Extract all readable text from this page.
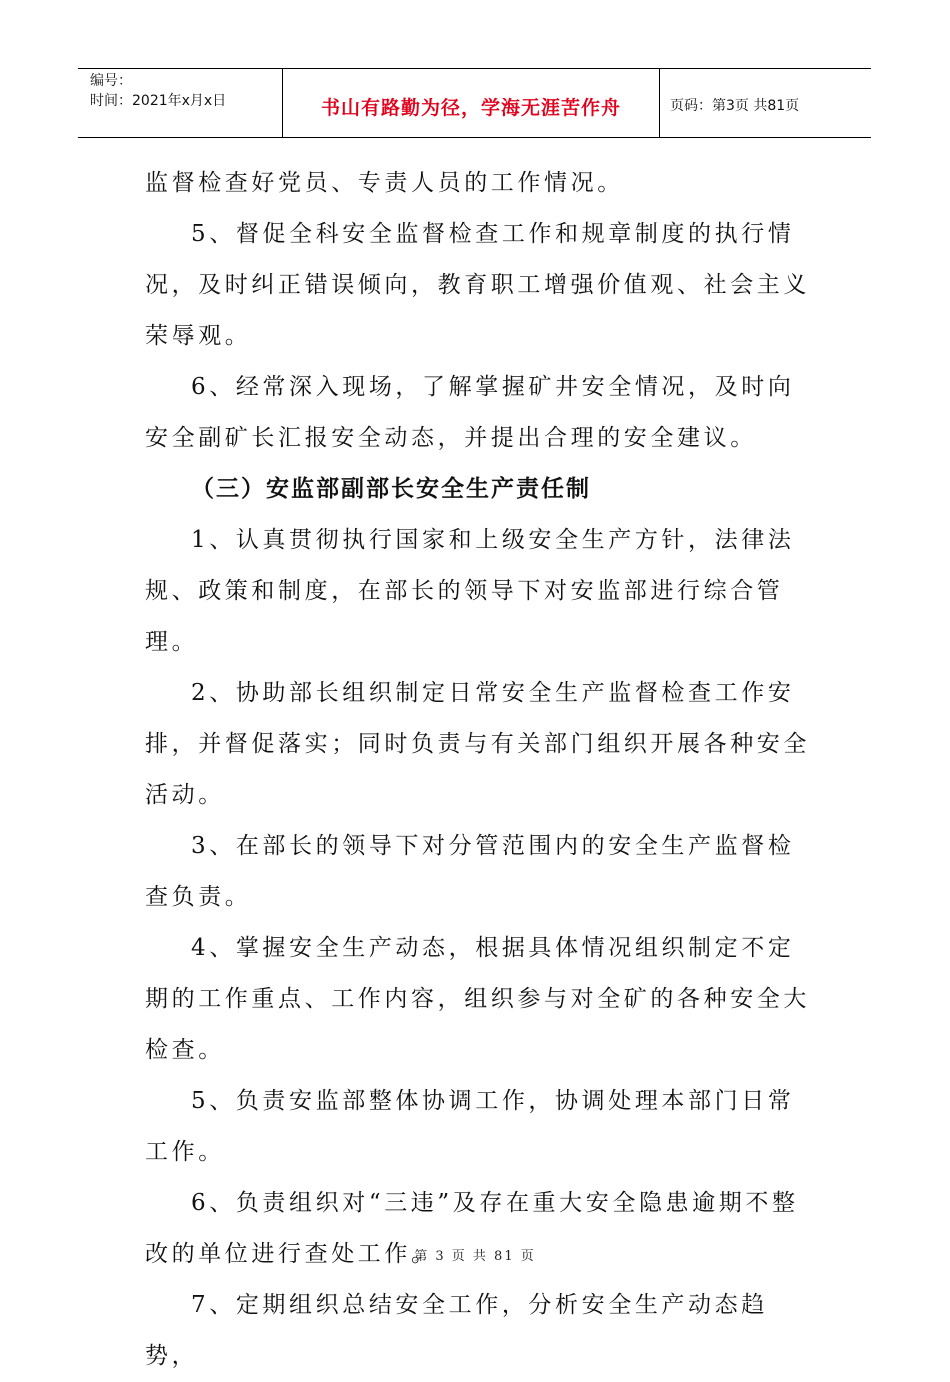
编号：
时间：2021年x月x日	书山有路勤为径，学海无涯苦作舟	页码：第3页 共81页

监督检查好党员、专责人员的工作情况。

5、督促全科安全监督检查工作和规章制度的执行情况，及时纠正错误倾向，教育职工增强价值观、社会主义荣辱观。

6、经常深入现场，了解掌握矿井安全情况，及时向安全副矿长汇报安全动态，并提出合理的安全建议。

（三）安监部副部长安全生产责任制

1、认真贯彻执行国家和上级安全生产方针，法律法规、政策和制度，在部长的领导下对安监部进行综合管理。

2、协助部长组织制定日常安全生产监督检查工作安排，并督促落实；同时负责与有关部门组织开展各种安全活动。

3、在部长的领导下对分管范围内的安全生产监督检查负责。

4、掌握安全生产动态，根据具体情况组织制定不定期的工作重点、工作内容，组织参与对全矿的各种安全大检查。

5、负责安监部整体协调工作，协调处理本部门日常工作。

6、负责组织对“三违”及存在重大安全隐患逾期不整改的单位进行查处工作。

7、定期组织总结安全工作，分析安全生产动态趋势，

第 3 页 共 81 页
